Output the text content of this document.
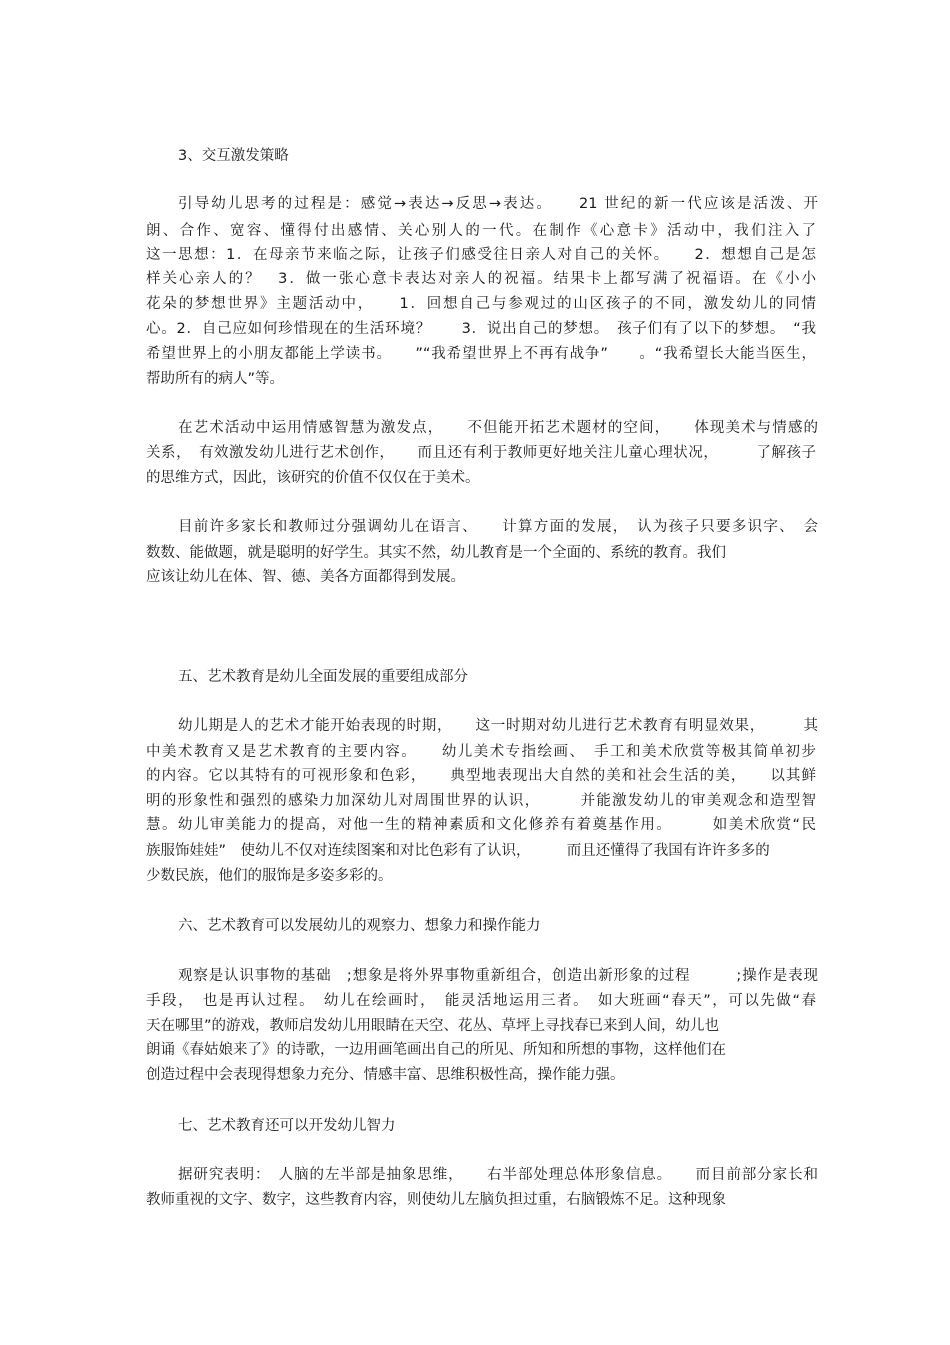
3、交互激发策略
引导幼儿思考的过程是：感觉→表达→反思→表达。　　21 世纪的新一代应该是活泼、开
朗、合作、宽容、懂得付出感情、关心别人的一代。在制作《心意卡》活动中，我们注入了
这一思想：1．在母亲节来临之际，让孩子们感受往日亲人对自己的关怀。　　2．想想自己是怎
样关心亲人的？　3．做一张心意卡表达对亲人的祝福。结果卡上都写满了祝福语。在《小小
花朵的梦想世界》主题活动中，　　1．回想自己与参观过的山区孩子的不同，激发幼儿的同情
心。2．自己应如何珍惜现在的生活环境？　　3．说出自己的梦想。　孩子们有了以下的梦想。　“我
希望世界上的小朋友都能上学读书。　　”“我希望世界上不再有战争”　　。“我希望长大能当医生，
帮助所有的病人”等。
在艺术活动中运用情感智慧为激发点，　　不但能开拓艺术题材的空间，　　体现美术与情感的
关系，　有效激发幼儿进行艺术创作，　　而且还有利于教师更好地关注儿童心理状况，　　　了解孩子
的思维方式，因此，该研究的价值不仅仅在于美术。
目前许多家长和教师过分强调幼儿在语言、　　计算方面的发展，　认为孩子只要多识字、　会
数数、能做题，就是聪明的好学生。其实不然，幼儿教育是一个全面的、系统的教育。我们
应该让幼儿在体、智、德、美各方面都得到发展。
五、艺术教育是幼儿全面发展的重要组成部分
幼儿期是人的艺术才能开始表现的时期，　　这一时期对幼儿进行艺术教育有明显效果，　　　其
中美术教育又是艺术教育的主要内容。　　幼儿美术专指绘画、　手工和美术欣赏等极其简单初步
的内容。它以其特有的可视形象和色彩，　　典型地表现出大自然的美和社会生活的美，　　以其鲜
明的形象性和强烈的感染力加深幼儿对周围世界的认识，　　　并能激发幼儿的审美观念和造型智
慧。幼儿审美能力的提高，对他一生的精神素质和文化修养有着奠基作用。　　　如美术欣赏“民
族服饰娃娃”　使幼儿不仅对连续图案和对比色彩有了认识，　　　而且还懂得了我国有许许多多的
少数民族，他们的服饰是多姿多彩的。
六、艺术教育可以发展幼儿的观察力、想象力和操作能力
观察是认识事物的基础　;想象是将外界事物重新组合，创造出新形象的过程　　　;操作是表现
手段，　也是再认过程。　幼儿在绘画时，　能灵活地运用三者。　如大班画“春天”，可以先做“春
天在哪里”的游戏，教师启发幼儿用眼睛在天空、花丛、草坪上寻找春已来到人间，幼儿也
朗诵《春姑娘来了》的诗歌，一边用画笔画出自己的所见、所知和所想的事物，这样他们在
创造过程中会表现得想象力充分、情感丰富、思维积极性高，操作能力强。
七、艺术教育还可以开发幼儿智力
据研究表明：　人脑的左半部是抽象思维，　　右半部处理总体形象信息。　　而目前部分家长和
教师重视的文字、数字，这些教育内容，则使幼儿左脑负担过重，右脑锻炼不足。这种现象
